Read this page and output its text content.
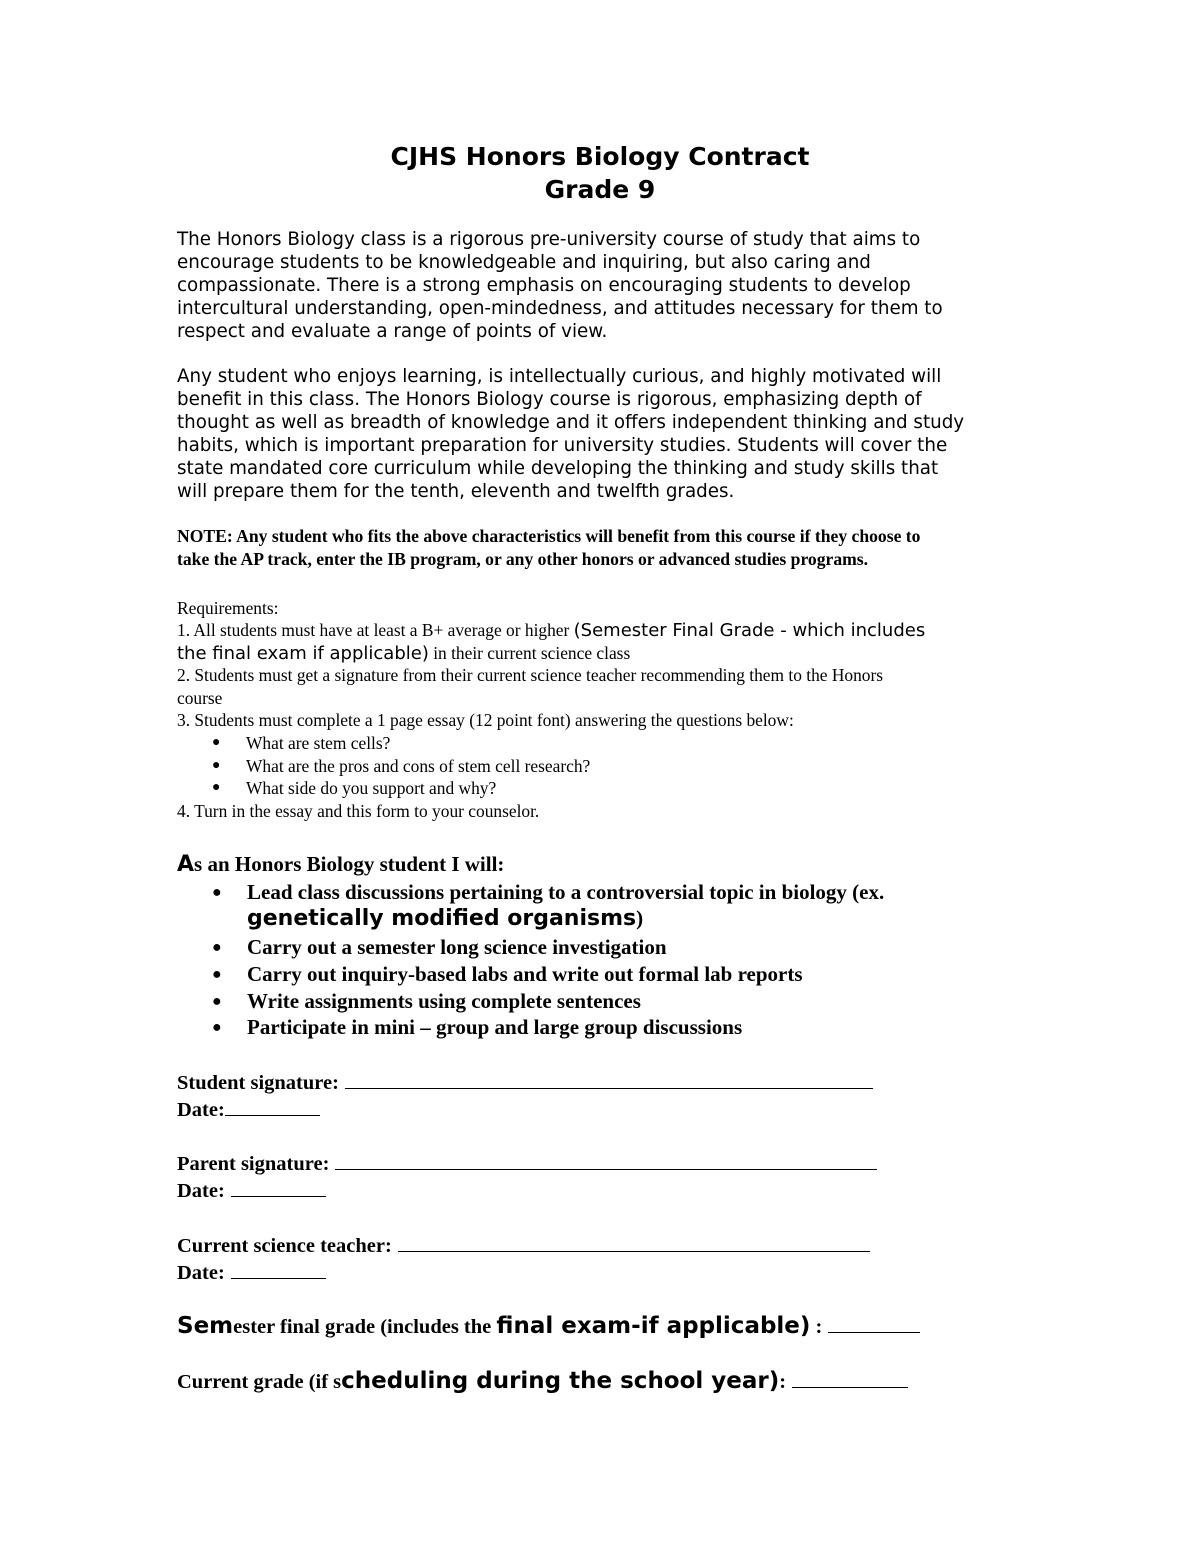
CJHS Honors Biology Contract
Grade 9
The Honors Biology class is a rigorous pre-university course of study that aims to
encourage students to be knowledgeable and inquiring, but also caring and
compassionate. There is a strong emphasis on encouraging students to develop
intercultural understanding, open-mindedness, and attitudes necessary for them to
respect and evaluate a range of points of view.
Any student who enjoys learning, is intellectually curious, and highly motivated will
benefit in this class. The Honors Biology course is rigorous, emphasizing depth of
thought as well as breadth of knowledge and it offers independent thinking and study
habits, which is important preparation for university studies. Students will cover the
state mandated core curriculum while developing the thinking and study skills that
will prepare them for the tenth, eleventh and twelfth grades.
NOTE: Any student who fits the above characteristics will benefit from this course if they choose to
take the AP track, enter the IB program, or any other honors or advanced studies programs.
Requirements:
1. All students must have at least a B+ average or higher (Semester Final Grade - which includes
the final exam if applicable) in their current science class
2. Students must get a signature from their current science teacher recommending them to the Honors
course
3. Students must complete a 1 page essay (12 point font) answering the questions below:
● What are stem cells?
● What are the pros and cons of stem cell research?
● What side do you support and why?
4. Turn in the essay and this form to your counselor.
As an Honors Biology student I will:
● Lead class discussions pertaining to a controversial topic in biology (ex.
genetically modified organisms)
● Carry out a semester long science investigation
● Carry out inquiry-based labs and write out formal lab reports
● Write assignments using complete sentences
● Participate in mini – group and large group discussions
Student signature:
Date:
Parent signature:
Date:
Current science teacher:
Date:
Semester final grade (includes the final exam-if applicable) :
Current grade (if scheduling during the school year):
